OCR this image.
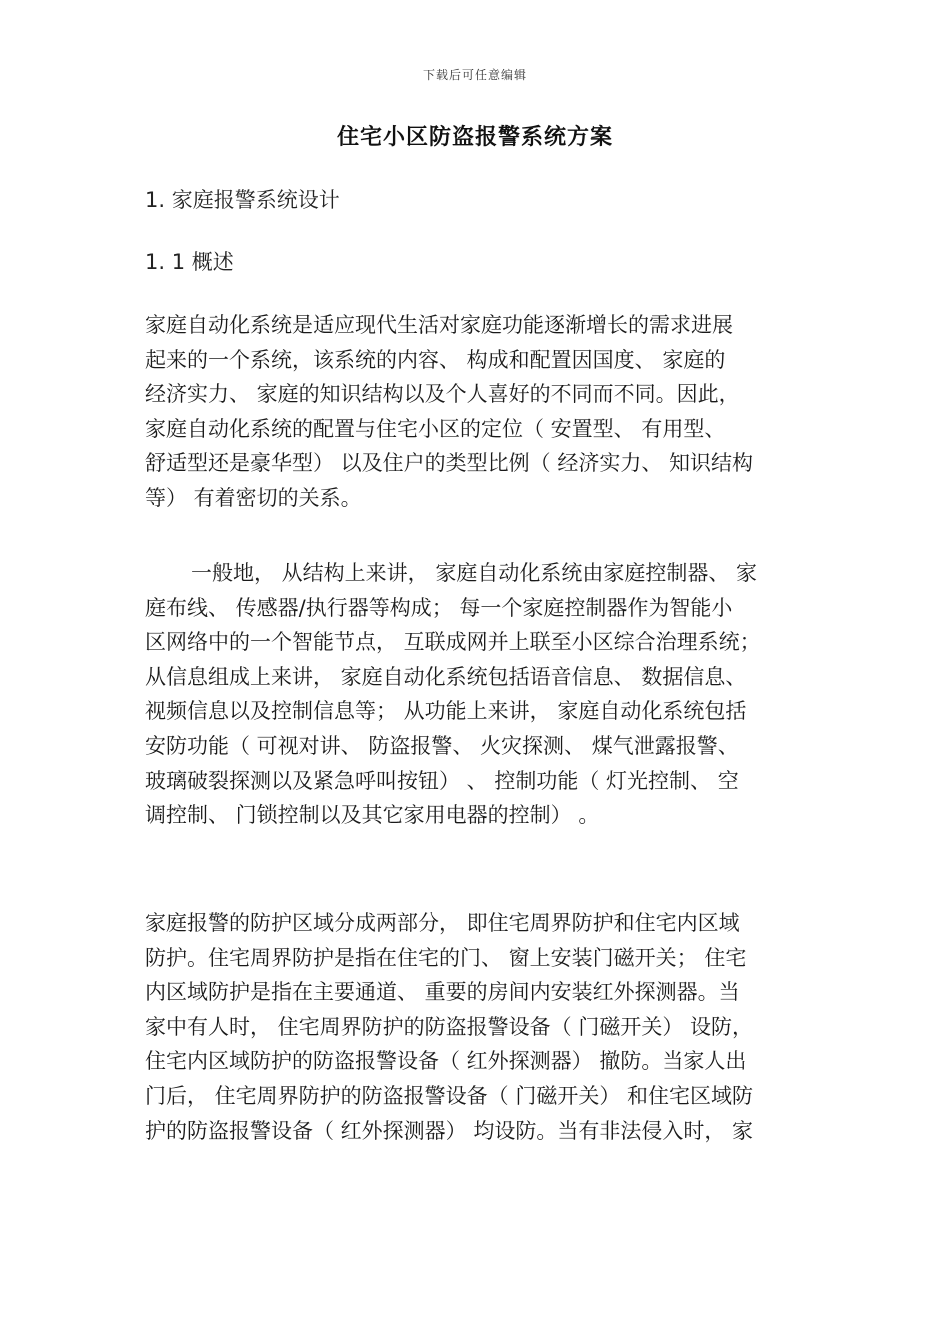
下载后可任意编辑
住宅小区防盗报警系统方案
1. 家庭报警系统设计
1. 1 概述
家庭自动化系统是适应现代生活对家庭功能逐渐增长的需求进展
起来的一个系统，该系统的内容、 构成和配置因国度、 家庭的
经济实力、 家庭的知识结构以及个人喜好的不同而不同。因此，
家庭自动化系统的配置与住宅小区的定位（ 安置型、 有用型、
舒适型还是豪华型） 以及住户的类型比例（ 经济实力、 知识结构
等） 有着密切的关系。
一般地， 从结构上来讲， 家庭自动化系统由家庭控制器、 家
庭布线、 传感器/执行器等构成； 每一个家庭控制器作为智能小
区网络中的一个智能节点， 互联成网并上联至小区综合治理系统；
从信息组成上来讲， 家庭自动化系统包括语音信息、 数据信息、
视频信息以及控制信息等； 从功能上来讲， 家庭自动化系统包括
安防功能（ 可视对讲、 防盗报警、 火灾探测、 煤气泄露报警、
玻璃破裂探测以及紧急呼叫按钮） 、 控制功能（ 灯光控制、 空
调控制、 门锁控制以及其它家用电器的控制） 。
家庭报警的防护区域分成两部分， 即住宅周界防护和住宅内区域
防护。住宅周界防护是指在住宅的门、 窗上安装门磁开关； 住宅
内区域防护是指在主要通道、 重要的房间内安装红外探测器。当
家中有人时， 住宅周界防护的防盗报警设备（ 门磁开关） 设防，
住宅内区域防护的防盗报警设备（ 红外探测器） 撤防。当家人出
门后， 住宅周界防护的防盗报警设备（ 门磁开关） 和住宅区域防
护的防盗报警设备（ 红外探测器） 均设防。当有非法侵入时， 家
